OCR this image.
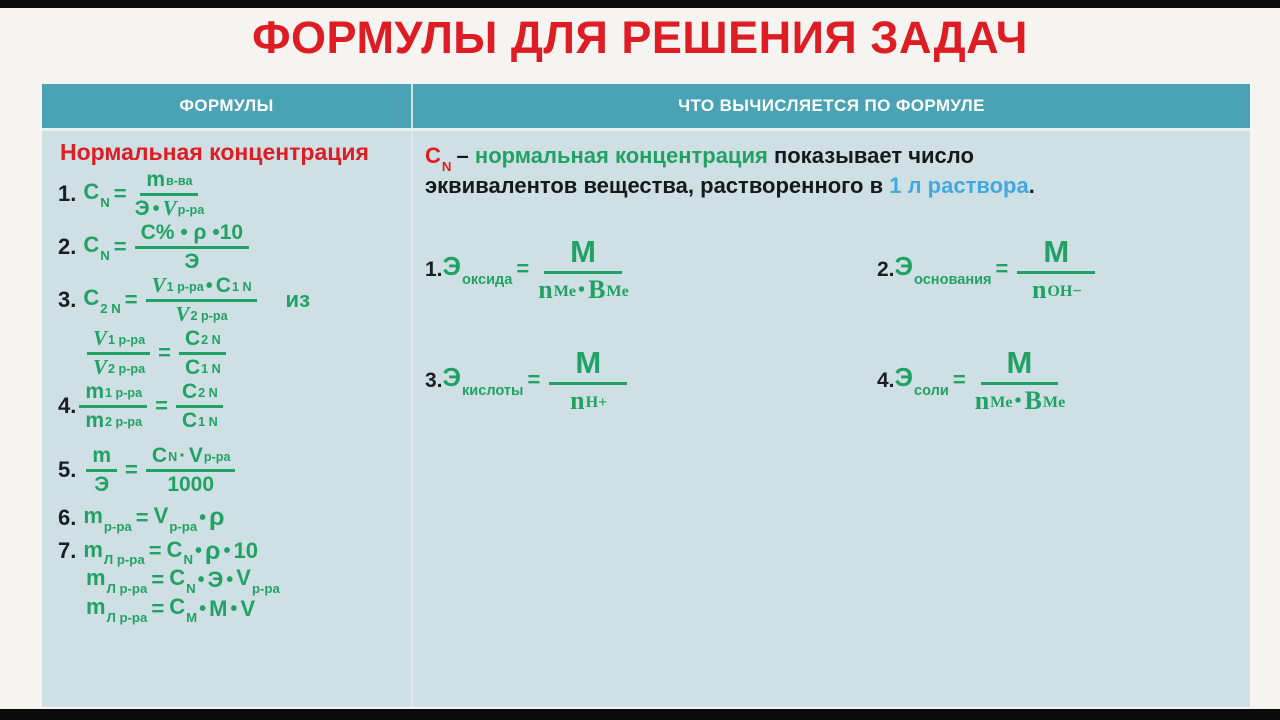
ФОРМУЛЫ ДЛЯ РЕШЕНИЯ ЗАДАЧ
ФОРМУЛЫ	ЧТО ВЫЧИСЛЯЕТСЯ ПО ФОРМУЛЕ
Нормальная концентрация
1. $C_N$ =
$m_{в-ва}$
Э • $V_{р-ра}$
2. $C_N$ =
C% • ρ •10
Э
3. $C_{2 N}$ =
$V_{1 р-ра}$ • $C_{1 N}$
$V_{2 р-ра}$
из
$V_{1 р-ра}$
$V_{2 р-ра}$
= $\frac{C_{2 N}}{C_{1 N}}$
4.
$m_{1 р-ра}$
$m_{2 р-ра}$
= $\frac{C_{2 N}}{C_{1 N}}$
5.
m
Э
=
$C_N \cdot V_{р-ра}$
1000
6. $m_{р-ра} = V_{р-ра}$ • ρ
7. $m_{Л р-ра} = C_N$ • ρ • 10
$m_{Л р-ра} = C_N$ • Э • $V_{р-ра}$
$m_{Л р-ра} = C_M$ • M • V
$C_N$ – нормальная концентрация показывает число эквивалентов вещества, растворенного в 1 л раствора.
1. $Э_{оксида}$ =	M
$n_{Me}$ • $B_{Me}$
2. $Э_{основания}$ =	M
$n_{OH-}$
3. $Э_{кислоты}$ =	M
$n_{H+}$
4. $Э_{соли}$ =	M
$n_{Me}$ • $B_{Me}$
